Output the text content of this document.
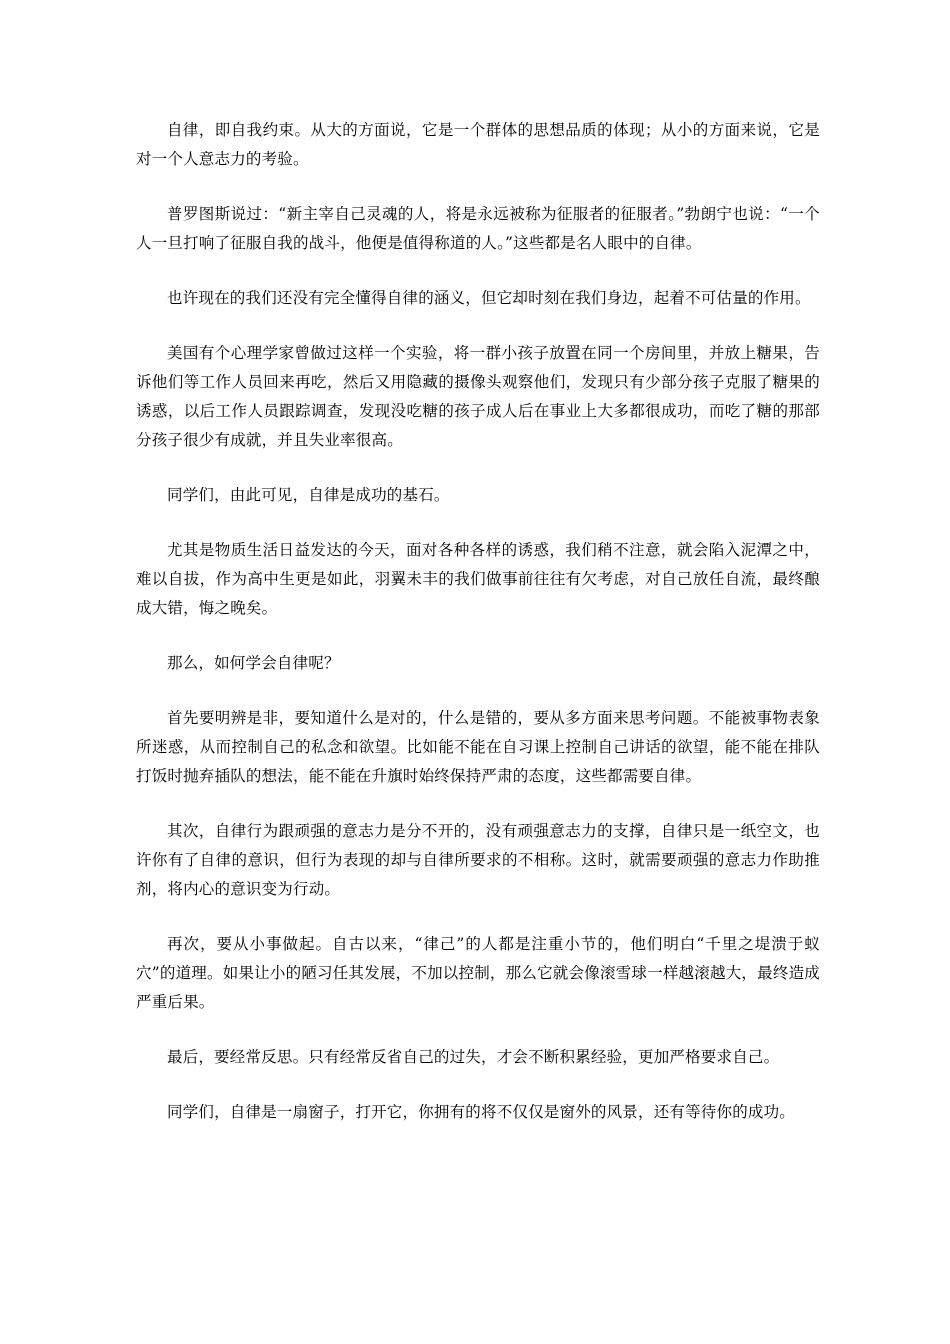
自律，即自我约束。从大的方面说，它是一个群体的思想品质的体现；从小的方面来说，它是对一个人意志力的考验。

普罗图斯说过：“新主宰自己灵魂的人，将是永远被称为征服者的征服者。”勃朗宁也说：“一个人一旦打响了征服自我的战斗，他便是值得称道的人。”这些都是名人眼中的自律。

也许现在的我们还没有完全懂得自律的涵义，但它却时刻在我们身边，起着不可估量的作用。

美国有个心理学家曾做过这样一个实验，将一群小孩子放置在同一个房间里，并放上糖果，告诉他们等工作人员回来再吃，然后又用隐藏的摄像头观察他们，发现只有少部分孩子克服了糖果的诱惑，以后工作人员跟踪调查，发现没吃糖的孩子成人后在事业上大多都很成功，而吃了糖的那部分孩子很少有成就，并且失业率很高。

同学们，由此可见，自律是成功的基石。

尤其是物质生活日益发达的今天，面对各种各样的诱惑，我们稍不注意，就会陷入泥潭之中，难以自拔，作为高中生更是如此，羽翼未丰的我们做事前往往有欠考虑，对自己放任自流，最终酿成大错，悔之晚矣。

那么，如何学会自律呢？

首先要明辨是非，要知道什么是对的，什么是错的，要从多方面来思考问题。不能被事物表象所迷惑，从而控制自己的私念和欲望。比如能不能在自习课上控制自己讲话的欲望，能不能在排队打饭时抛弃插队的想法，能不能在升旗时始终保持严肃的态度，这些都需要自律。

其次，自律行为跟顽强的意志力是分不开的，没有顽强意志力的支撑，自律只是一纸空文，也许你有了自律的意识，但行为表现的却与自律所要求的不相称。这时，就需要顽强的意志力作助推剂，将内心的意识变为行动。

再次，要从小事做起。自古以来，“律己”的人都是注重小节的，他们明白“千里之堤溃于蚁穴”的道理。如果让小的陋习任其发展，不加以控制，那么它就会像滚雪球一样越滚越大，最终造成严重后果。

最后，要经常反思。只有经常反省自己的过失，才会不断积累经验，更加严格要求自己。

同学们，自律是一扇窗子，打开它，你拥有的将不仅仅是窗外的风景，还有等待你的成功。
